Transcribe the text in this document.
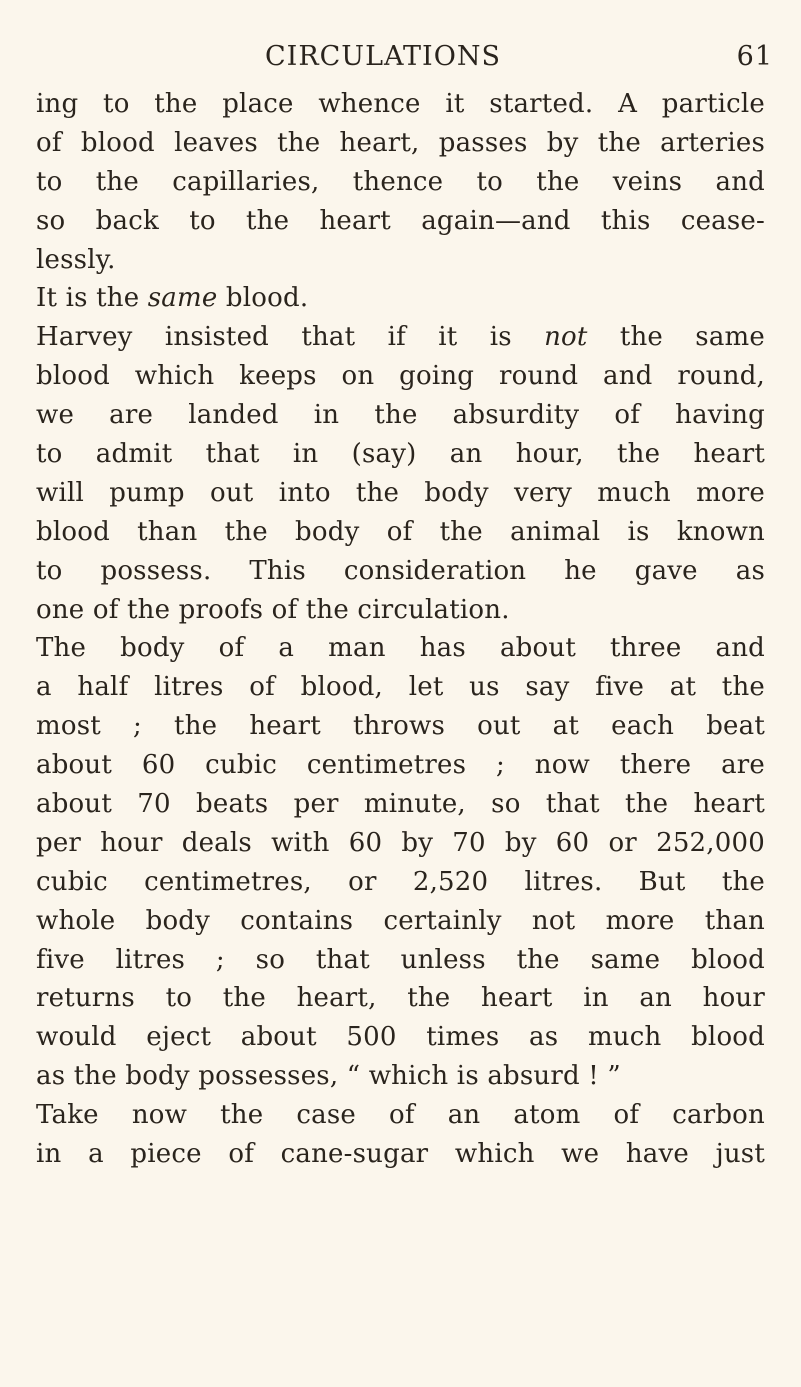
CIRCULATIONS	61
ing to the place whence it started. A particle
of blood leaves the heart, passes by the arteries
to the capillaries, thence to the veins and
so back to the heart again—and this cease-
lessly.
It is the same blood.
Harvey insisted that if it is not the same
blood which keeps on going round and round,
we are landed in the absurdity of having
to admit that in (say) an hour, the heart
will pump out into the body very much more
blood than the body of the animal is known
to possess. This consideration he gave as
one of the proofs of the circulation.
The body of a man has about three and
a half litres of blood, let us say five at the
most ; the heart throws out at each beat
about 60 cubic centimetres ; now there are
about 70 beats per minute, so that the heart
per hour deals with 60 by 70 by 60 or 252,000
cubic centimetres, or 2,520 litres. But the
whole body contains certainly not more than
five litres ; so that unless the same blood
returns to the heart, the heart in an hour
would eject about 500 times as much blood
as the body possesses, “ which is absurd ! ”
Take now the case of an atom of carbon
in a piece of cane-sugar which we have just
